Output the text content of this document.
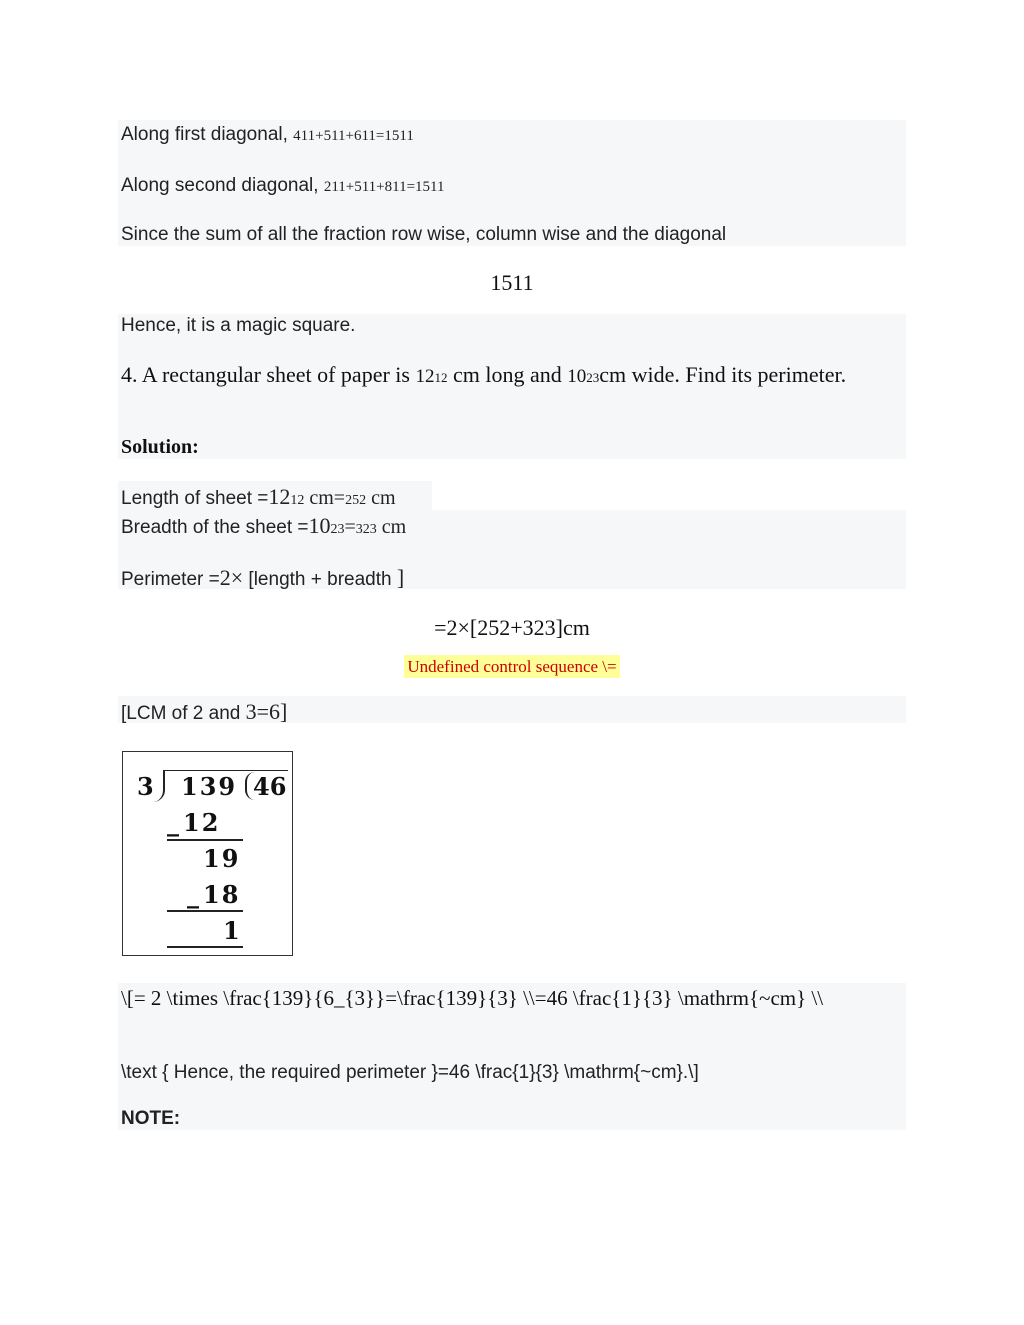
Along first diagonal, 411+511+611=1511
Along second diagonal, 211+511+811=1511
Since the sum of all the fraction row wise, column wise and the diagonal
1511
Hence, it is a magic square.
4. A rectangular sheet of paper is 1212 cm long and 1023cm wide. Find its perimeter.
Solution:
Length of sheet =1212 cm=252 cm
Breadth of the sheet =1023=323 cm
Perimeter =2× [length + breadth ]
=2×[252+323]cm
Undefined control sequence \=
[LCM of 2 and 3=6]
3 139 46
_ 12
19
_ 18
1
\[= 2 \times \frac{139}{6_{3}}=\frac{139}{3} \\=46 \frac{1}{3} \mathrm{~cm} \\
\text { Hence, the required perimeter }=46 \frac{1}{3} \mathrm{~cm}.\]
NOTE:
